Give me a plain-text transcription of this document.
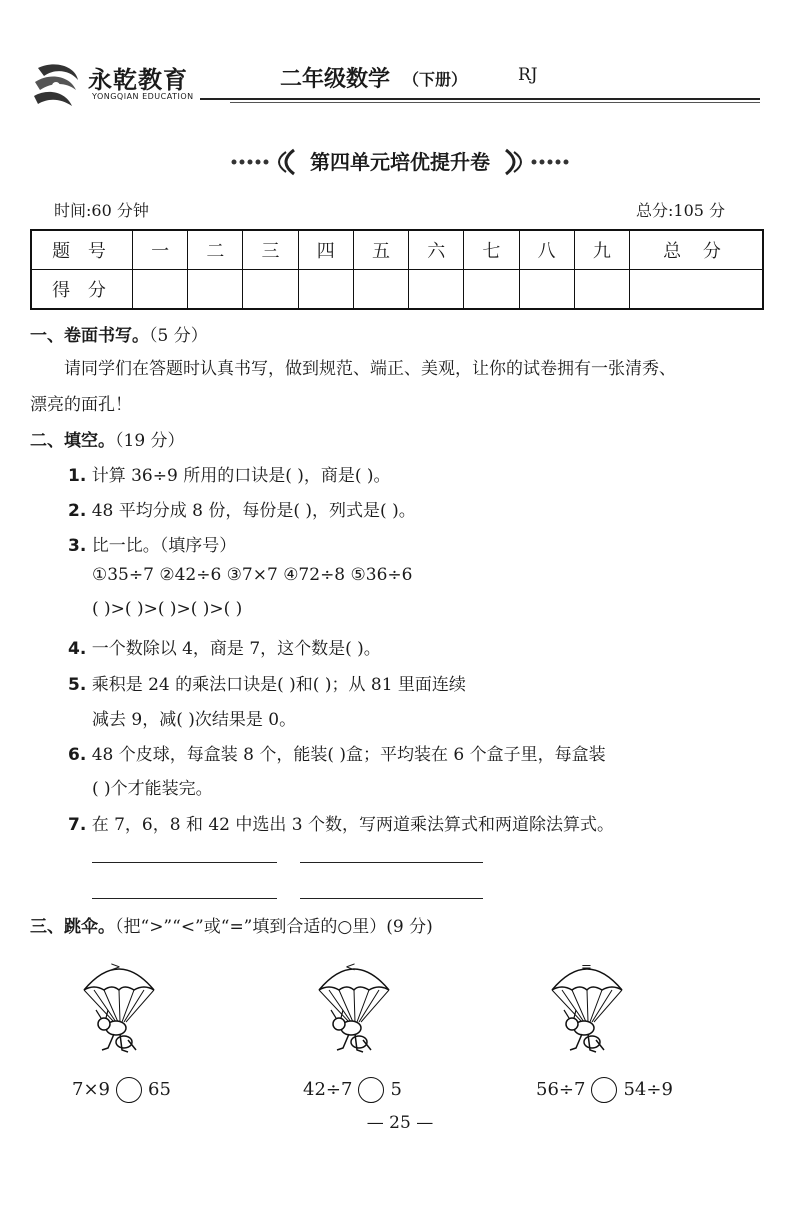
永乾教育
YONGQIAN EDUCATION
二年级数学 （下册）	RJ
第四单元培优提升卷
时间:60 分钟	总分:105 分
题 号	一	二	三	四	五	六	七	八	九	总 分
得 分										
一、卷面书写。（5 分）
请同学们在答题时认真书写，做到规范、端正、美观，让你的试卷拥有一张清秀、
漂亮的面孔！
二、填空。（19 分）
1. 计算 36÷9 所用的口诀是( )，商是( )。
2. 48 平均分成 8 份，每份是( )，列式是( )。
3. 比一比。（填序号）
①35÷7 ②42÷6 ③7×7 ④72÷8 ⑤36÷6
( )>( )>( )>( )>( )
4. 一个数除以 4，商是 7，这个数是( )。
5. 乘积是 24 的乘法口诀是( )和( )；从 81 里面连续
减去 9，减( )次结果是 0。
6. 48 个皮球，每盒装 8 个，能装( )盒；平均装在 6 个盒子里，每盒装
( )个才能装完。
7. 在 7，6，8 和 42 中选出 3 个数，写两道乘法算式和两道除法算式。
三、跳伞。（把“>”“<”或“=”填到合适的○里）(9 分)
>	<	=
7×9 65	42÷7 5	56÷7 54÷9
— 25 —
